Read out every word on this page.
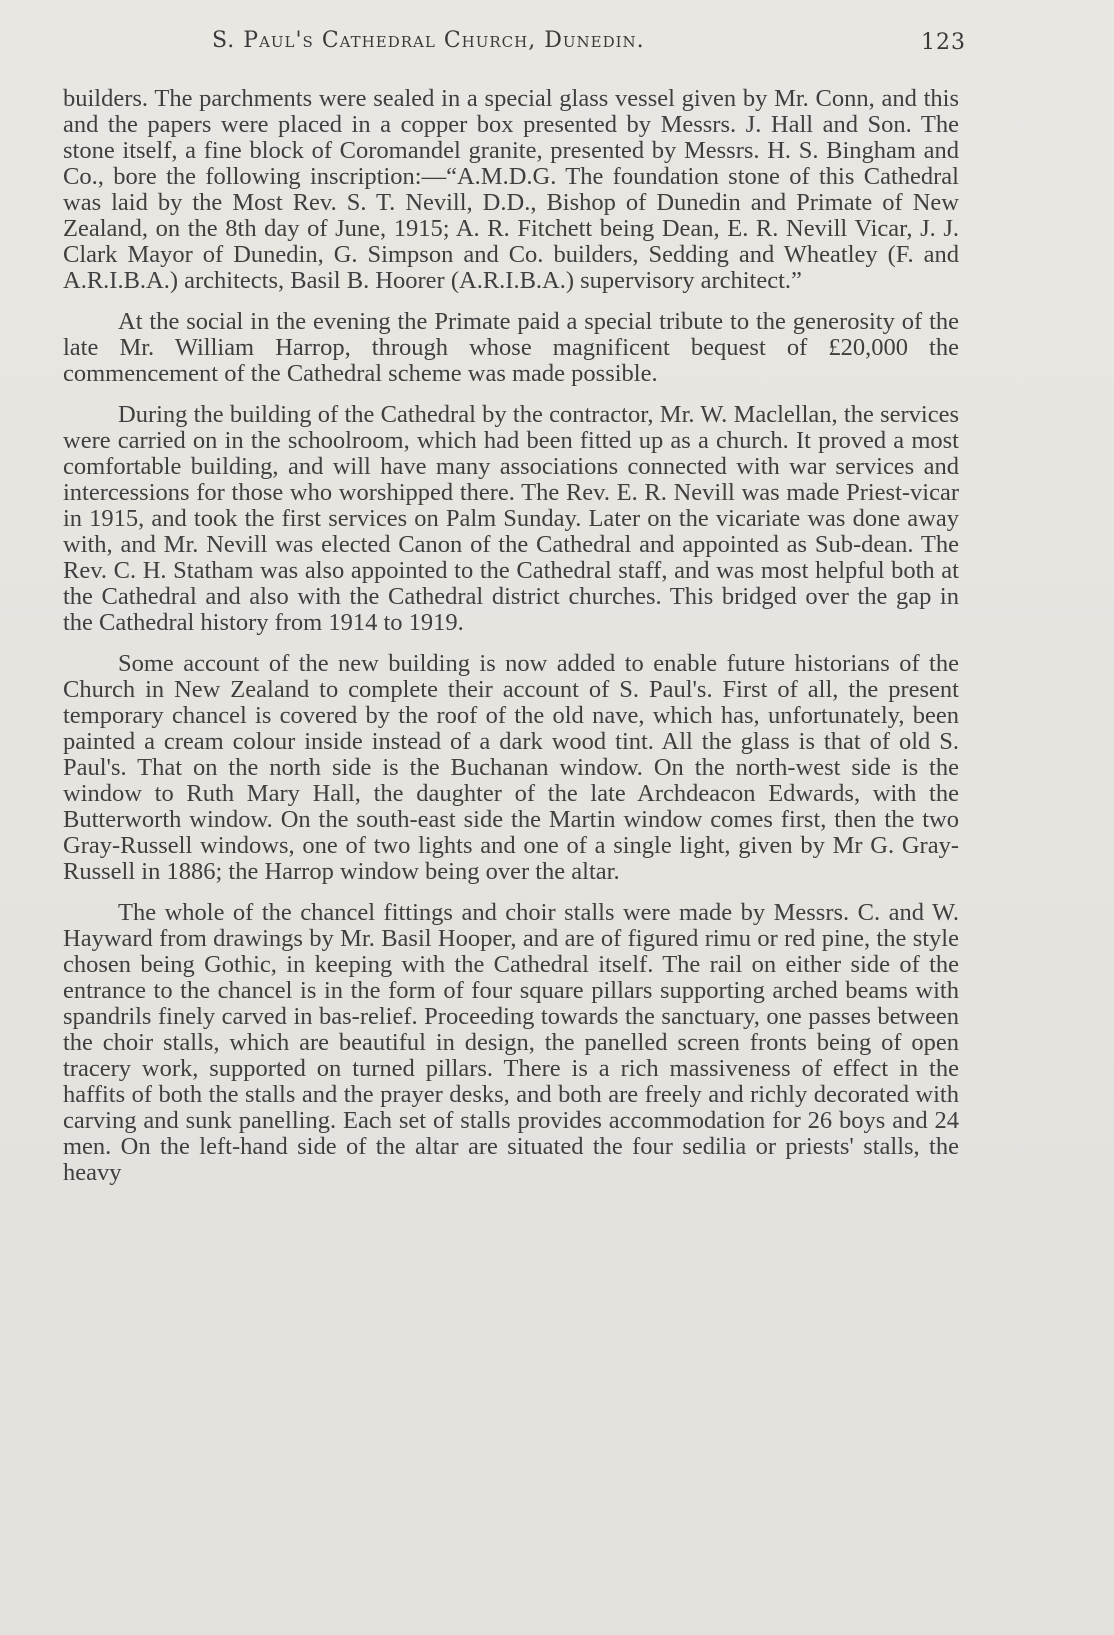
S. Paul's Cathedral Church, Dunedin.	123

builders. The parchments were sealed in a special glass vessel given by Mr. Conn, and this and the papers were placed in a copper box presented by Messrs. J. Hall and Son. The stone itself, a fine block of Coromandel granite, presented by Messrs. H. S. Bingham and Co., bore the following inscription:—“A.M.D.G. The foundation stone of this Cathedral was laid by the Most Rev. S. T. Nevill, D.D., Bishop of Dunedin and Primate of New Zealand, on the 8th day of June, 1915; A. R. Fitchett being Dean, E. R. Nevill Vicar, J. J. Clark Mayor of Dunedin, G. Simpson and Co. builders, Sedding and Wheatley (F. and A.R.I.B.A.) architects, Basil B. Hoorer (A.R.I.B.A.) supervisory architect.”

At the social in the evening the Primate paid a special tribute to the generosity of the late Mr. William Harrop, through whose magnificent bequest of £20,000 the commencement of the Cathedral scheme was made possible.

During the building of the Cathedral by the contractor, Mr. W. Maclellan, the services were carried on in the schoolroom, which had been fitted up as a church. It proved a most comfortable building, and will have many associations connected with war services and intercessions for those who worshipped there. The Rev. E. R. Nevill was made Priest-vicar in 1915, and took the first services on Palm Sunday. Later on the vicariate was done away with, and Mr. Nevill was elected Canon of the Cathedral and appointed as Sub-dean. The Rev. C. H. Statham was also appointed to the Cathedral staff, and was most helpful both at the Cathedral and also with the Cathedral district churches. This bridged over the gap in the Cathedral history from 1914 to 1919.

Some account of the new building is now added to enable future historians of the Church in New Zealand to complete their account of S. Paul's. First of all, the present temporary chancel is covered by the roof of the old nave, which has, unfortunately, been painted a cream colour inside instead of a dark wood tint. All the glass is that of old S. Paul's. That on the north side is the Buchanan window. On the north-west side is the window to Ruth Mary Hall, the daughter of the late Archdeacon Edwards, with the Butterworth window. On the south-east side the Martin window comes first, then the two Gray-Russell windows, one of two lights and one of a single light, given by Mr G. Gray-Russell in 1886; the Harrop window being over the altar.

The whole of the chancel fittings and choir stalls were made by Messrs. C. and W. Hayward from drawings by Mr. Basil Hooper, and are of figured rimu or red pine, the style chosen being Gothic, in keeping with the Cathedral itself. The rail on either side of the entrance to the chancel is in the form of four square pillars supporting arched beams with spandrils finely carved in bas-relief. Proceeding towards the sanctuary, one passes between the choir stalls, which are beautiful in design, the panelled screen fronts being of open tracery work, supported on turned pillars. There is a rich massiveness of effect in the haffits of both the stalls and the prayer desks, and both are freely and richly decorated with carving and sunk panelling. Each set of stalls provides accommodation for 26 boys and 24 men. On the left-hand side of the altar are situated the four sedilia or priests' stalls, the heavy
